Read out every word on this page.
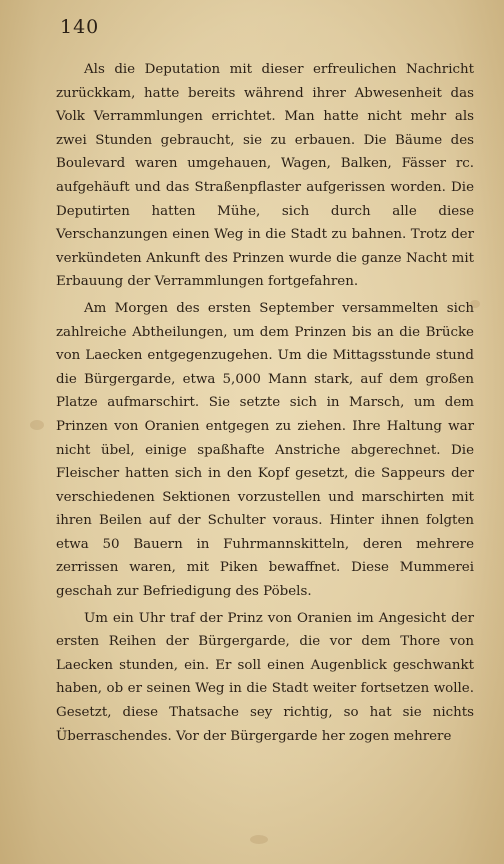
140

Als die Deputation mit dieser erfreulichen Nachricht zurückkam, hatte bereits während ihrer Abwesenheit das Volk Verrammlungen errichtet. Man hatte nicht mehr als zwei Stunden gebraucht, sie zu erbauen. Die Bäume des Boulevard waren umgehauen, Wagen, Balken, Fässer rc. aufgehäuft und das Straßenpflaster aufgerissen worden. Die Deputirten hatten Mühe, sich durch alle diese Verschanzungen einen Weg in die Stadt zu bahnen. Trotz der verkündeten Ankunft des Prinzen wurde die ganze Nacht mit Erbauung der Verrammlungen fortgefahren.

Am Morgen des ersten September versammelten sich zahlreiche Abtheilungen, um dem Prinzen bis an die Brücke von Laecken entgegenzugehen. Um die Mittagsstunde stund die Bürgergarde, etwa 5,000 Mann stark, auf dem großen Platze aufmarschirt. Sie setzte sich in Marsch, um dem Prinzen von Oranien entgegen zu ziehen. Ihre Haltung war nicht übel, einige spaßhafte Anstriche abgerechnet. Die Fleischer hatten sich in den Kopf gesetzt, die Sappeurs der verschiedenen Sektionen vorzustellen und marschirten mit ihren Beilen auf der Schulter voraus. Hinter ihnen folgten etwa 50 Bauern in Fuhrmannskitteln, deren mehrere zerrissen waren, mit Piken bewaffnet. Diese Mummerei geschah zur Befriedigung des Pöbels.

Um ein Uhr traf der Prinz von Oranien im Angesicht der ersten Reihen der Bürgergarde, die vor dem Thore von Laecken stunden, ein. Er soll einen Augenblick geschwankt haben, ob er seinen Weg in die Stadt weiter fortsetzen wolle. Gesetzt, diese Thatsache sey richtig, so hat sie nichts Überraschendes. Vor der Bürgergarde her zogen mehrere
